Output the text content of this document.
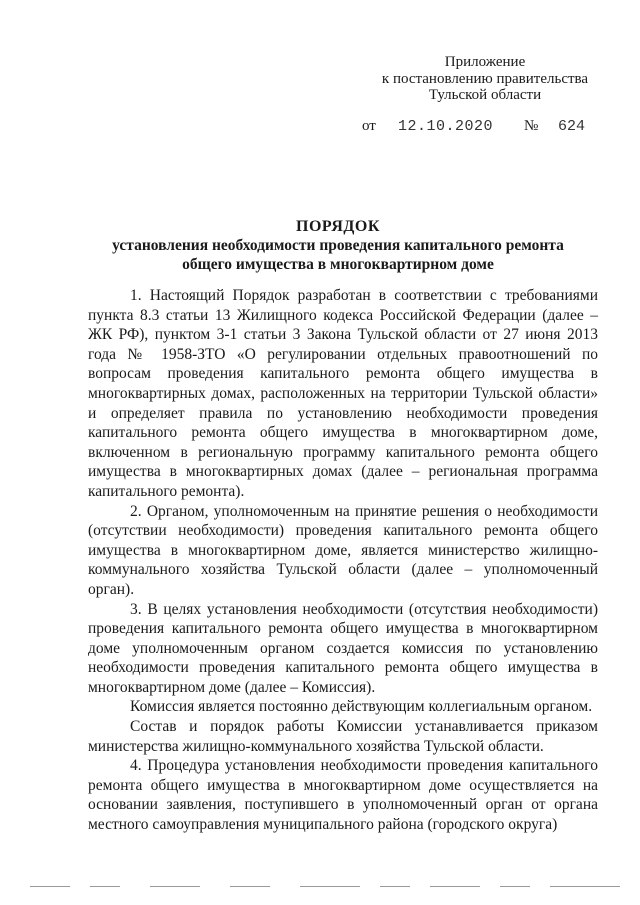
Приложение
к постановлению правительства
Тульской области
от 12.10.2020 № 624
ПОРЯДОК
установления необходимости проведения капитального ремонта
общего имущества в многоквартирном доме

1. Настоящий Порядок разработан в соответствии с требованиями пункта 8.3 статьи 13 Жилищного кодекса Российской Федерации (далее – ЖК РФ), пунктом 3-1 статьи 3 Закона Тульской области от 27 июня 2013 года № 1958-ЗТО «О регулировании отдельных правоотношений по вопросам проведения капитального ремонта общего имущества в многоквартирных домах, расположенных на территории Тульской области» и определяет правила по установлению необходимости проведения капитального ремонта общего имущества в многоквартирном доме, включенном в региональную программу капитального ремонта общего имущества в многоквартирных домах (далее – региональная программа капитального ремонта).

2. Органом, уполномоченным на принятие решения о необходимости (отсутствии необходимости) проведения капитального ремонта общего имущества в многоквартирном доме, является министерство жилищно-коммунального хозяйства Тульской области (далее – уполномоченный орган).

3. В целях установления необходимости (отсутствия необходимости) проведения капитального ремонта общего имущества в многоквартирном доме уполномоченным органом создается комиссия по установлению необходимости проведения капитального ремонта общего имущества в многоквартирном доме (далее – Комиссия).

Комиссия является постоянно действующим коллегиальным органом.

Состав и порядок работы Комиссии устанавливается приказом министерства жилищно-коммунального хозяйства Тульской области.

4. Процедура установления необходимости проведения капитального ремонта общего имущества в многоквартирном доме осуществляется на основании заявления, поступившего в уполномоченный орган от органа местного самоуправления муниципального района (городского округа)
